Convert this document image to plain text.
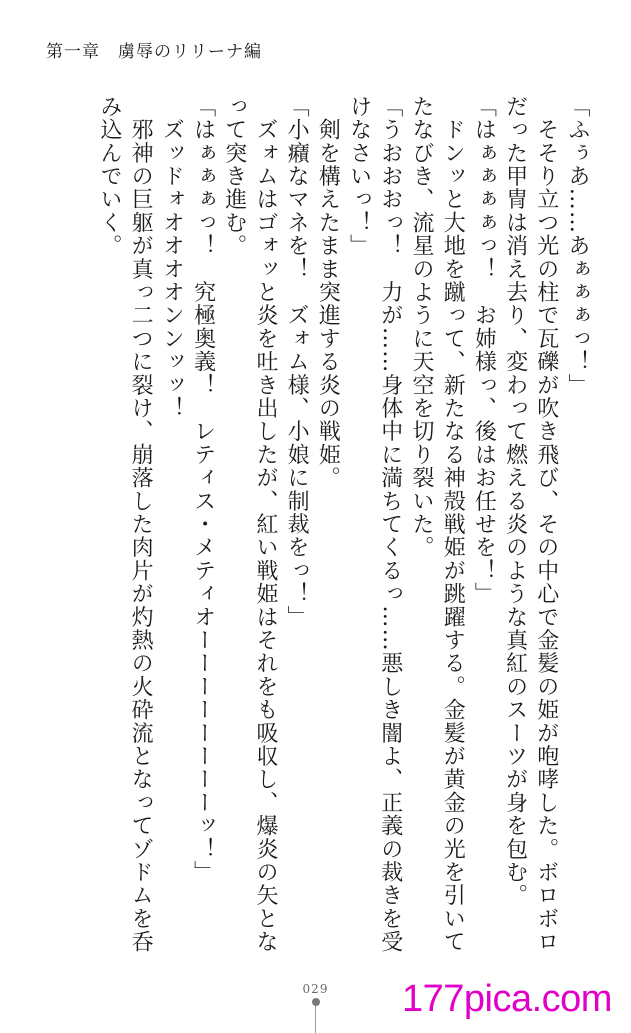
第一章 虜辱のリリーナ編

「ふぅあ……あぁぁぁっ！」

　そそり立つ光の柱で瓦礫が吹き飛び、その中心で金髪の姫が咆哮した。ボロボロだった甲冑は消え去り、変わって燃える炎のような真紅のスーツが身を包む。

「はぁぁぁぁっ！　お姉様っ、後はお任せを！」

　ドンッと大地を蹴って、新たなる神殻戦姫が跳躍する。金髪が黄金の光を引いてたなびき、流星のように天空を切り裂いた。

「うおおおっ！　力が……身体中に満ちてくるっ……悪しき闇よ、正義の裁きを受けなさいっ！」

　剣を構えたまま突進する炎の戦姫。

「小癪なマネを！　ズォム様、小娘に制裁をっ！」

　ズォムはゴォッと炎を吐き出したが、紅い戦姫はそれをも吸収し、爆炎の矢となって突き進む。

「はぁぁぁっ！　究極奥義！　レティス・メティオーーーーーーーーッ！」

　ズッドォオオオオンンッッ！

　邪神の巨躯が真っ二つに裂け、崩落した肉片が灼熱の火砕流となってゾドムを呑み込んでいく。

029	177pica.com
